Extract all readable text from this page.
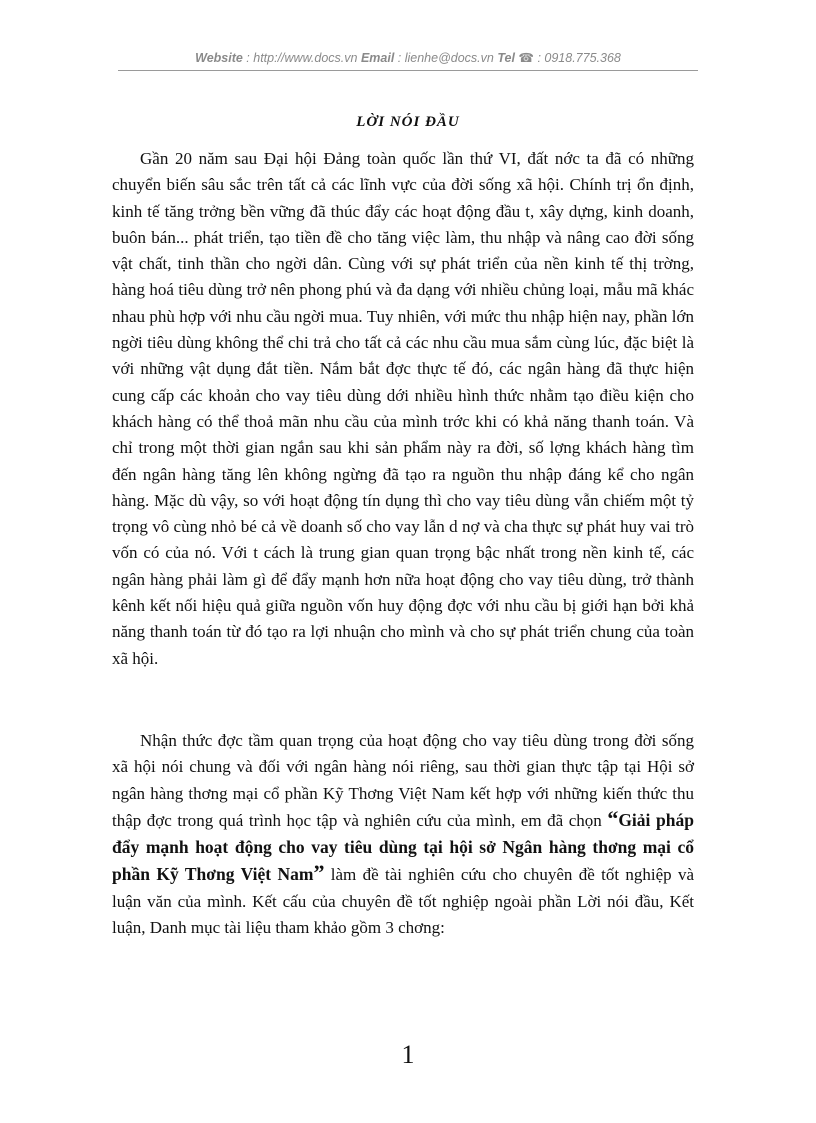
Website : http://www.docs.vn Email : lienhe@docs.vn Tel ☎ : 0918.775.368
LỜI NÓI ĐẦU
Gần 20 năm sau Đại hội Đảng toàn quốc lần thứ VI, đất nớc ta đã có những chuyển biến sâu sắc trên tất cả các lĩnh vực của đời sống xã hội. Chính trị ổn định, kinh tế tăng trởng bền vững đã thúc đẩy các hoạt động đầu t, xây dựng, kinh doanh, buôn bán... phát triển, tạo tiền đề cho tăng việc làm, thu nhập và nâng cao đời sống vật chất, tinh thần cho ngời dân. Cùng với sự phát triển của nền kinh tế thị trờng, hàng hoá tiêu dùng trở nên phong phú và đa dạng với nhiều chủng loại, mẫu mã khác nhau phù hợp với nhu cầu ngời mua. Tuy nhiên, với mức thu nhập hiện nay, phần lớn ngời tiêu dùng không thể chi trả cho tất cả các nhu cầu mua sắm cùng lúc, đặc biệt là với những vật dụng đắt tiền. Nắm bắt đợc thực tế đó, các ngân hàng đã thực hiện cung cấp các khoản cho vay tiêu dùng dới nhiều hình thức nhằm tạo điều kiện cho khách hàng có thể thoả mãn nhu cầu của mình trớc khi có khả năng thanh toán. Và chỉ trong một thời gian ngắn sau khi sản phẩm này ra đời, số lợng khách hàng tìm đến ngân hàng tăng lên không ngừng đã tạo ra nguồn thu nhập đáng kể cho ngân hàng. Mặc dù vậy, so với hoạt động tín dụng thì cho vay tiêu dùng vẫn chiếm một tỷ trọng vô cùng nhỏ bé cả về doanh số cho vay lẫn d nợ và cha thực sự phát huy vai trò vốn có của nó. Với t cách là trung gian quan trọng bậc nhất trong nền kinh tế, các ngân hàng phải làm gì để đẩy mạnh hơn nữa hoạt động cho vay tiêu dùng, trở thành kênh kết nối hiệu quả giữa nguồn vốn huy động đợc với nhu cầu bị giới hạn bởi khả năng thanh toán từ đó tạo ra lợi nhuận cho mình và cho sự phát triển chung của toàn xã hội.
Nhận thức đợc tầm quan trọng của hoạt động cho vay tiêu dùng trong đời sống xã hội nói chung và đối với ngân hàng nói riêng, sau thời gian thực tập tại Hội sở ngân hàng thơng mại cổ phần Kỹ Thơng Việt Nam kết hợp với những kiến thức thu thập đợc trong quá trình học tập và nghiên cứu của mình, em đã chọn “Giải pháp đẩy mạnh hoạt động cho vay tiêu dùng tại hội sở Ngân hàng thơng mại cổ phần Kỹ Thơng Việt Nam” làm đề tài nghiên cứu cho chuyên đề tốt nghiệp và luận văn của mình. Kết cấu của chuyên đề tốt nghiệp ngoài phần Lời nói đầu, Kết luận, Danh mục tài liệu tham khảo gồm 3 chơng:
1
